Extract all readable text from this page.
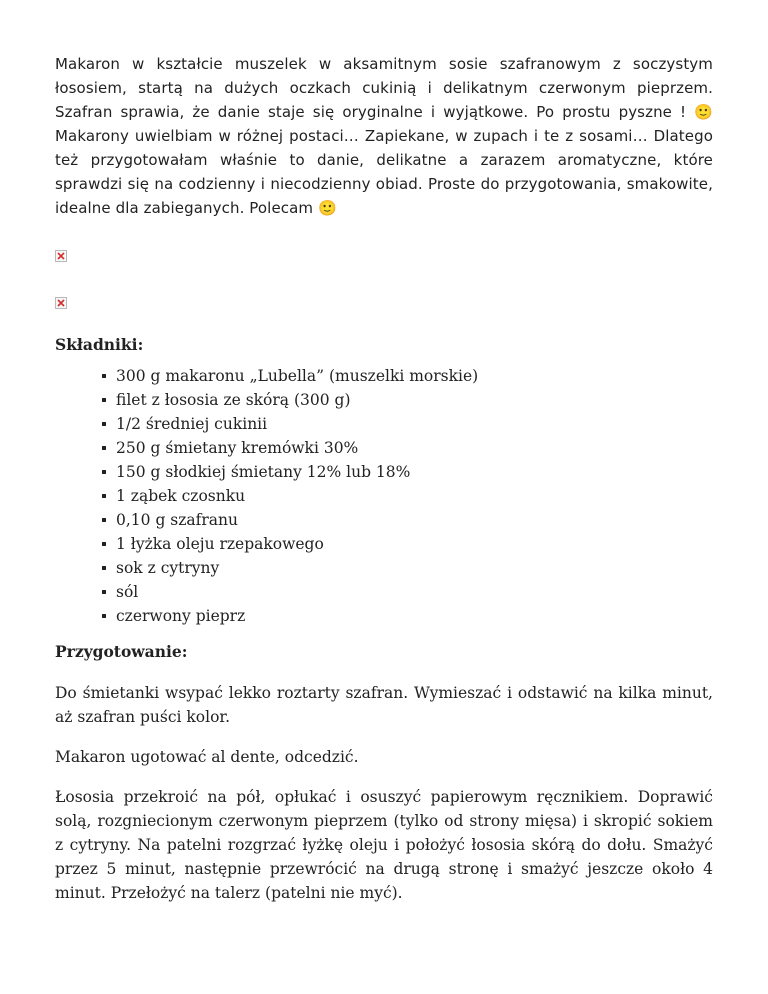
Makaron w kształcie muszelek w aksamitnym sosie szafranowym z soczystym łososiem, startą na dużych oczkach cukinią i delikatnym czerwonym pieprzem. Szafran sprawia, że danie staje się oryginalne i wyjątkowe. Po prostu pyszne ! 🙂 Makarony uwielbiam w różnej postaci… Zapiekane, w zupach i te z sosami… Dlatego też przygotowałam właśnie to danie, delikatne a zarazem aromatyczne, które sprawdzi się na codzienny i niecodzienny obiad. Proste do przygotowania, smakowite, idealne dla zabieganych. Polecam 🙂

Składniki:

300 g makaronu „Lubella” (muszelki morskie)
filet z łososia ze skórą (300 g)
1/2 średniej cukinii
250 g śmietany kremówki 30%
150 g słodkiej śmietany 12% lub 18%
1 ząbek czosnku
0,10 g szafranu
1 łyżka oleju rzepakowego
sok z cytryny
sól
czerwony pieprz

Przygotowanie:

Do śmietanki wsypać lekko roztarty szafran. Wymieszać i odstawić na kilka minut, aż szafran puści kolor.

Makaron ugotować al dente, odcedzić.

Łososia przekroić na pół, opłukać i osuszyć papierowym ręcznikiem. Doprawić solą, rozgniecionym czerwonym pieprzem (tylko od strony mięsa) i skropić sokiem z cytryny. Na patelni rozgrzać łyżkę oleju i położyć łososia skórą do dołu. Smażyć przez 5 minut, następnie przewrócić na drugą stronę i smażyć jeszcze około 4 minut. Przełożyć na talerz (patelni nie myć).
